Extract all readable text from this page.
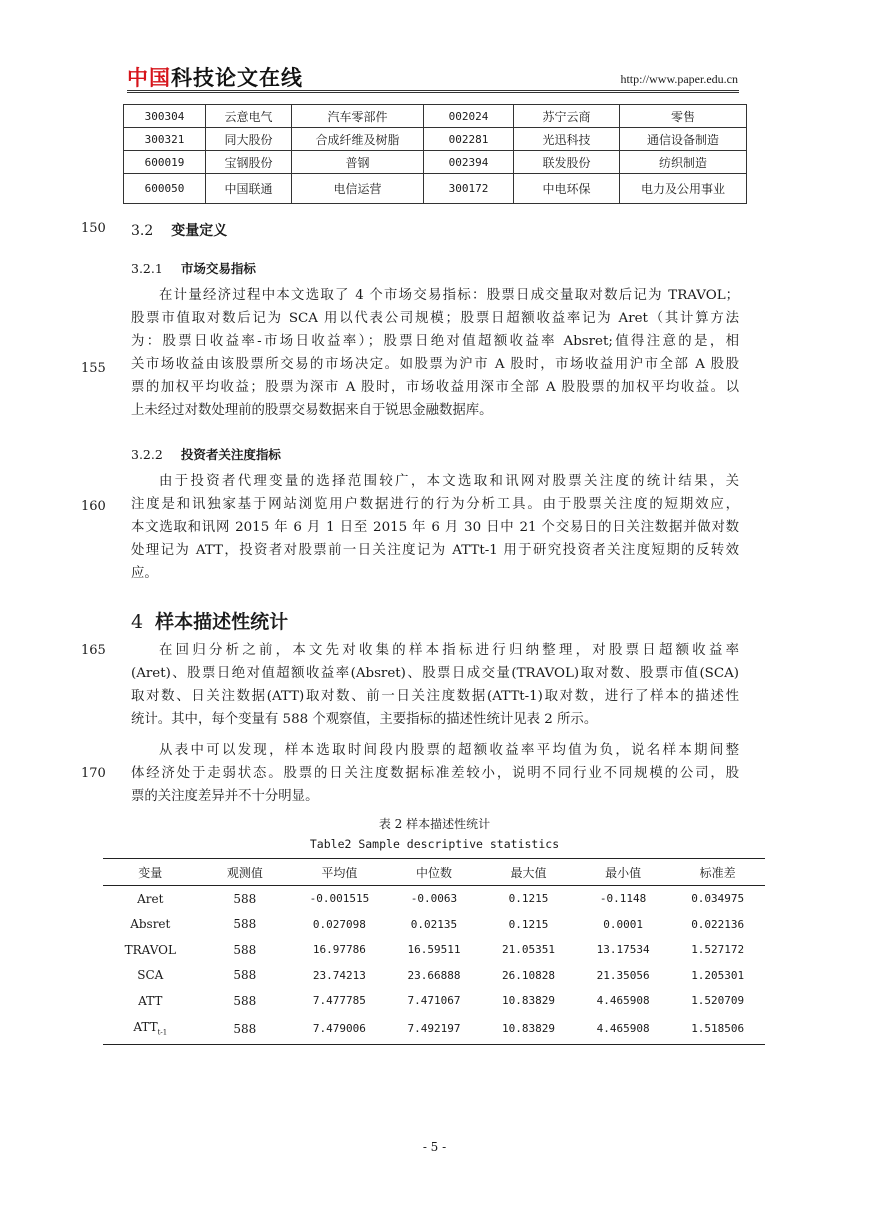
中国科技论文在线	http://www.paper.edu.cn
300304	云意电气	汽车零部件	002024	苏宁云商	零售
300321	同大股份	合成纤维及树脂	002281	光迅科技	通信设备制造
600019	宝钢股份	普钢	002394	联发股份	纺织制造
600050	中国联通	电信运营	300172	中电环保	电力及公用事业
150
155
160
165
170
3.2 变量定义
3.2.1 市场交易指标
在计量经济过程中本文选取了 4 个市场交易指标：股票日成交量取对数后记为 TRAVOL；
股票市值取对数后记为 SCA 用以代表公司规模；股票日超额收益率记为 Aret（其计算方法
为：股票日收益率-市场日收益率）；股票日绝对值超额收益率 Absret;值得注意的是，相
关市场收益由该股票所交易的市场决定。如股票为沪市 A 股时，市场收益用沪市全部 A 股股
票的加权平均收益；股票为深市 A 股时，市场收益用深市全部 A 股股票的加权平均收益。以
上未经过对数处理前的股票交易数据来自于锐思金融数据库。
3.2.2 投资者关注度指标
由于投资者代理变量的选择范围较广，本文选取和讯网对股票关注度的统计结果，关
注度是和讯独家基于网站浏览用户数据进行的行为分析工具。由于股票关注度的短期效应，
本文选取和讯网 2015 年 6 月 1 日至 2015 年 6 月 30 日中 21 个交易日的日关注数据并做对数
处理记为 ATT，投资者对股票前一日关注度记为 ATTt-1 用于研究投资者关注度短期的反转效
应。
4 样本描述性统计
在回归分析之前，本文先对收集的样本指标进行归纳整理，对股票日超额收益率
(Aret)、股票日绝对值超额收益率(Absret)、股票日成交量(TRAVOL)取对数、股票市值(SCA)
取对数、日关注数据(ATT)取对数、前一日关注度数据(ATTt-1)取对数，进行了样本的描述性
统计。其中，每个变量有 588 个观察值，主要指标的描述性统计见表 2 所示。
从表中可以发现，样本选取时间段内股票的超额收益率平均值为负，说名样本期间整
体经济处于走弱状态。股票的日关注度数据标准差较小，说明不同行业不同规模的公司，股
票的关注度差异并不十分明显。
表 2 样本描述性统计
Table2 Sample descriptive statistics
变量	观测值	平均值	中位数	最大值	最小值	标准差
Aret	588	-0.001515	-0.0063	0.1215	-0.1148	0.034975
Absret	588	0.027098	0.02135	0.1215	0.0001	0.022136
TRAVOL	588	16.97786	16.59511	21.05351	13.17534	1.527172
SCA	588	23.74213	23.66888	26.10828	21.35056	1.205301
ATT	588	7.477785	7.471067	10.83829	4.465908	1.520709
$ATT_{t-1}$	588	7.479006	7.492197	10.83829	4.465908	1.518506
- 5 -
